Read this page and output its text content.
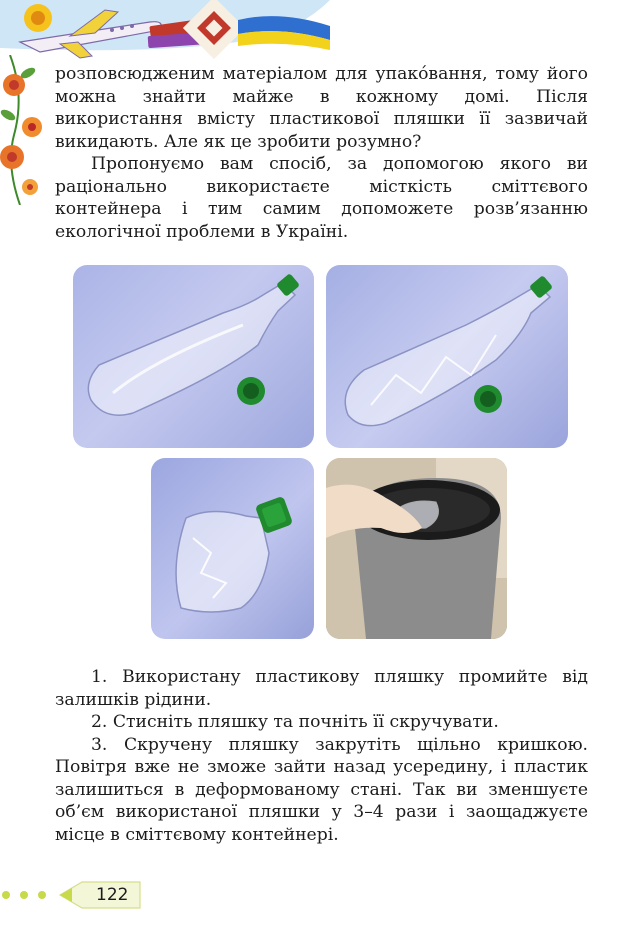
розповсюдженим матеріалом для упакóвання, тому його можна знайти майже в кожному домі. Після використання вмісту пластикової пляшки її зазвичай викидають. Але як це зробити розумно?

Пропонуємо вам спосіб, за допомогою якого ви раціонально використаєте місткість сміттєвого контейнера і тим самим допоможете розв’язанню екологічної проблеми в Україні.

1. Використану пластикову пляшку промийте від залишків рідини.

2. Стисніть пляшку та почніть її скручувати.

3. Скручену пляшку закрутіть щільно кришкою. Повітря вже не зможе зайти назад усередину, і пластик залишиться в деформованому стані. Так ви зменшуєте об’єм використаної пляшки у 3–4 рази і заощаджуєте місце в сміттєвому контейнері.

122
